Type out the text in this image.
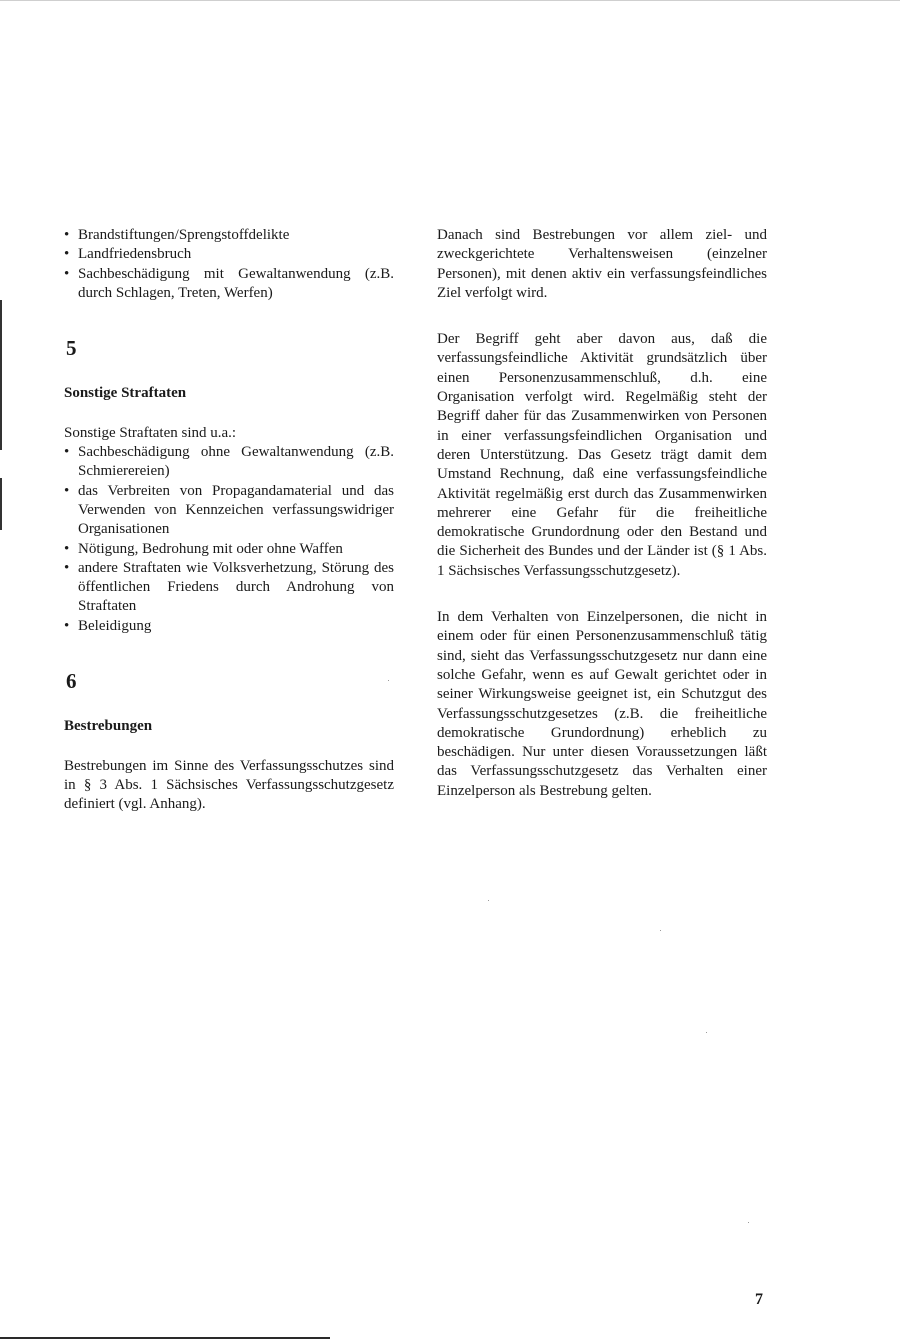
• Brandstiftungen/Sprengstoffdelikte
• Landfriedensbruch
• Sachbeschädigung mit Gewaltanwendung (z.B. durch Schlagen, Treten, Werfen)
5
Sonstige Straftaten

Sonstige Straftaten sind u.a.:

• Sachbeschädigung ohne Gewaltanwendung (z.B. Schmierereien)
• das Verbreiten von Propagandamaterial und das Verwenden von Kennzeichen verfassungswidriger Organisationen
• Nötigung, Bedrohung mit oder ohne Waffen
• andere Straftaten wie Volksverhetzung, Störung des öffentlichen Friedens durch Androhung von Straftaten
• Beleidigung
6
Bestrebungen

Bestrebungen im Sinne des Verfassungsschutzes sind in § 3 Abs. 1 Sächsisches Verfassungsschutzgesetz definiert (vgl. Anhang).

Danach sind Bestrebungen vor allem ziel- und zweckgerichtete Verhaltensweisen (einzelner Personen), mit denen aktiv ein verfassungsfeindliches Ziel verfolgt wird.

Der Begriff geht aber davon aus, daß die verfassungsfeindliche Aktivität grundsätzlich über einen Personenzusammenschluß, d.h. eine Organisation verfolgt wird. Regelmäßig steht der Begriff daher für das Zusammenwirken von Personen in einer verfassungsfeindlichen Organisation und deren Unterstützung. Das Gesetz trägt damit dem Umstand Rechnung, daß eine verfassungsfeindliche Aktivität regelmäßig erst durch das Zusammenwirken mehrerer eine Gefahr für die freiheitliche demokratische Grundordnung oder den Bestand und die Sicherheit des Bundes und der Länder ist (§ 1 Abs. 1 Sächsisches Verfassungsschutzgesetz).

In dem Verhalten von Einzelpersonen, die nicht in einem oder für einen Personenzusammenschluß tätig sind, sieht das Verfassungsschutzgesetz nur dann eine solche Gefahr, wenn es auf Gewalt gerichtet oder in seiner Wirkungsweise geeignet ist, ein Schutzgut des Verfassungsschutzgesetzes (z.B. die freiheitliche demokratische Grundordnung) erheblich zu beschädigen. Nur unter diesen Voraussetzungen läßt das Verfassungsschutzgesetz das Verhalten einer Einzelperson als Bestrebung gelten.

7
